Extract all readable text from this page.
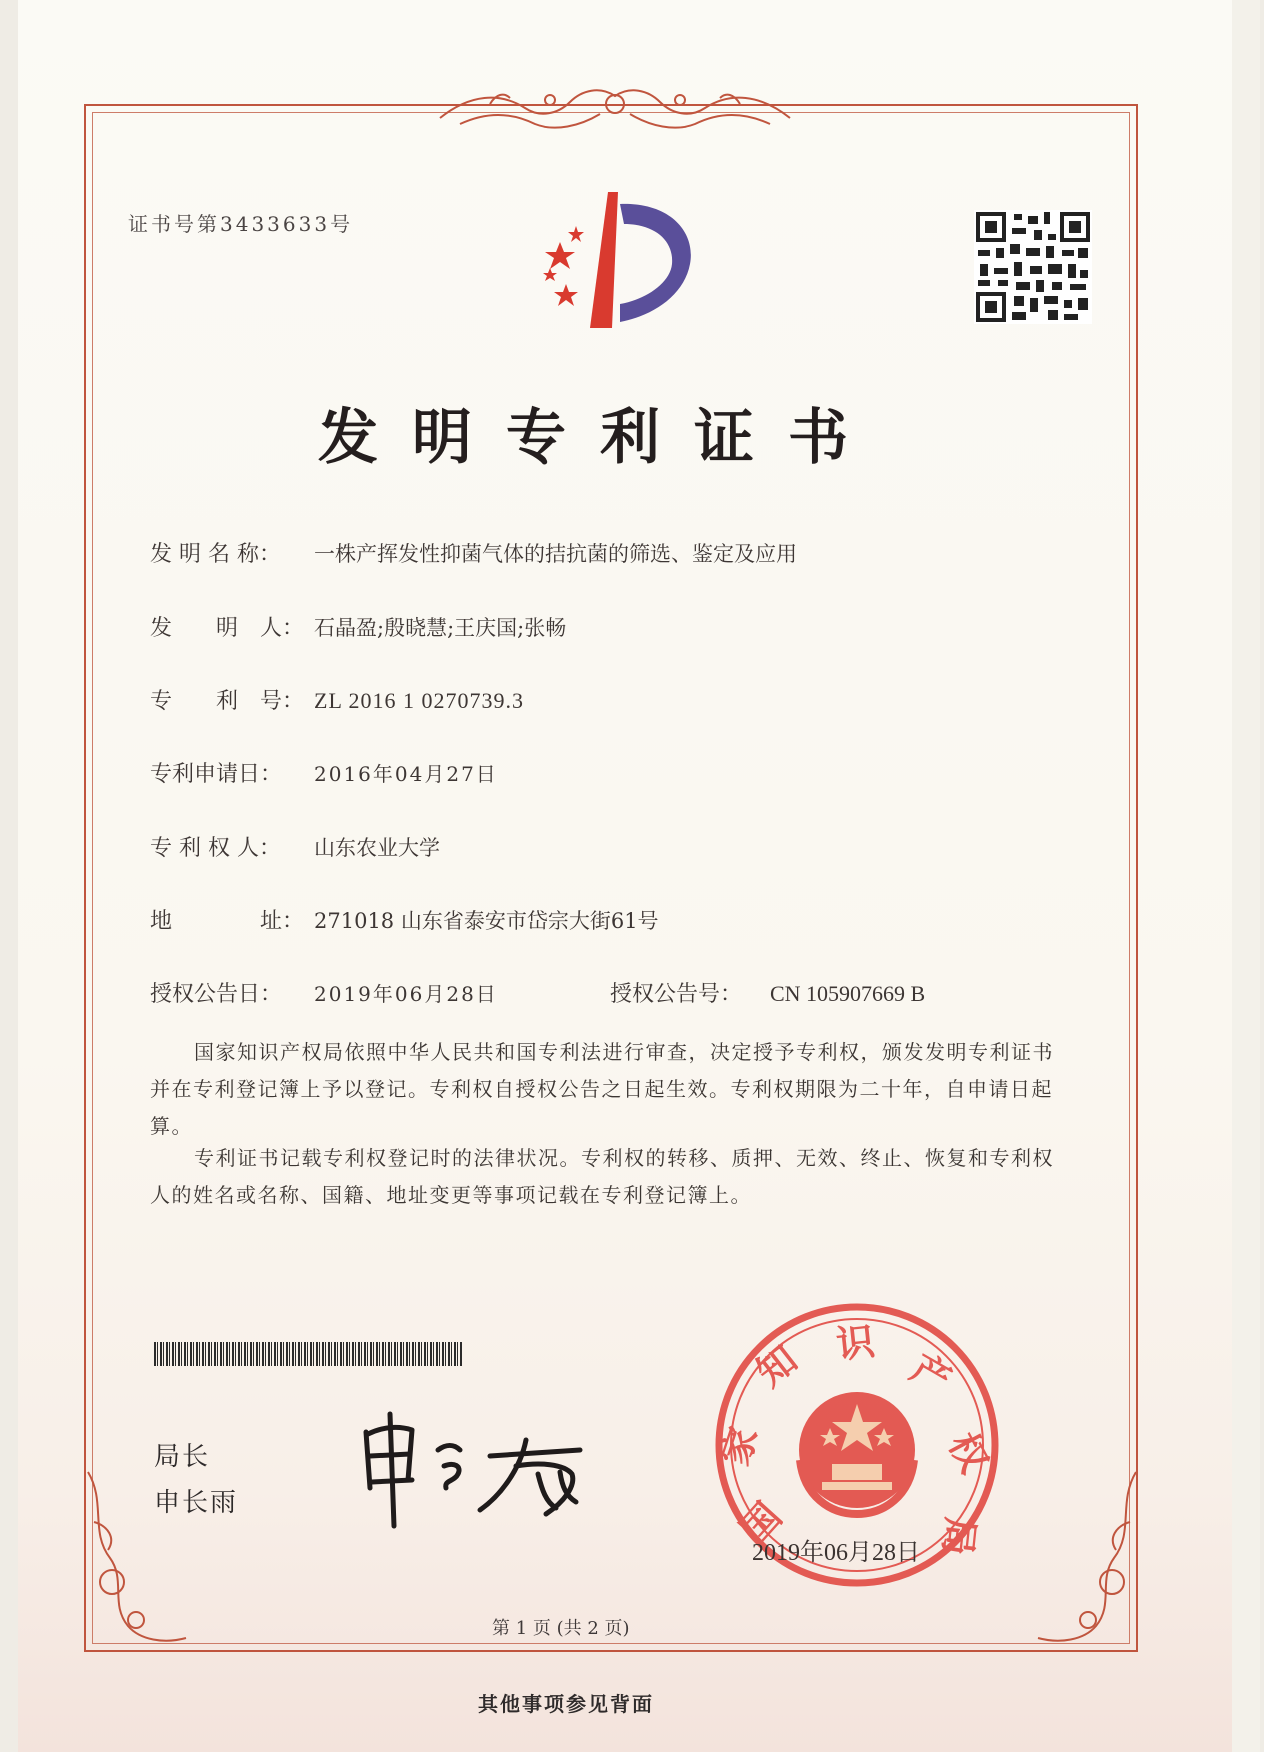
证书号第3433633号
发明专利证书
发 明 名 称： 一株产挥发性抑菌气体的拮抗菌的筛选、鉴定及应用
发　　明　人： 石晶盈;殷晓慧;王庆国;张畅
专　　利　号： ZL 2016 1 0270739.3
专利申请日： 2016年04月27日
专 利 权 人： 山东农业大学
地　　　　址： 271018 山东省泰安市岱宗大街61号
授权公告日： 2019年06月28日	授权公告号： CN 105907669 B
国家知识产权局依照中华人民共和国专利法进行审查，决定授予专利权，颁发发明专利证书并在专利登记簿上予以登记。专利权自授权公告之日起生效。专利权期限为二十年，自申请日起算。
专利证书记载专利权登记时的法律状况。专利权的转移、质押、无效、终止、恢复和专利权人的姓名或名称、国籍、地址变更等事项记载在专利登记簿上。
局长
申长雨	国
家
知 识
产
权
局
2019年06月28日
第 1 页 (共 2 页)
其他事项参见背面
